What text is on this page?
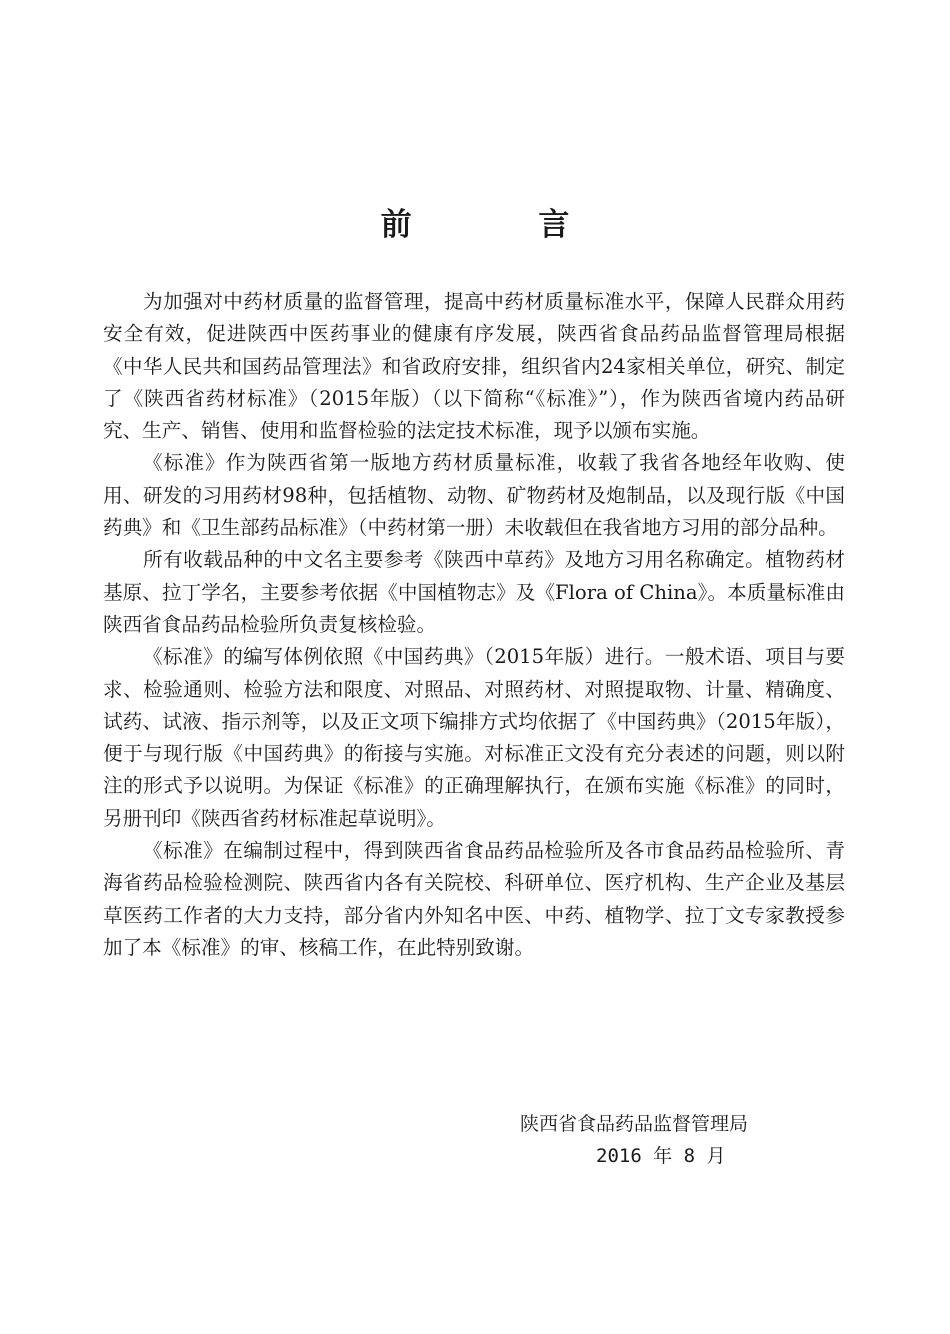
前 言

为加强对中药材质量的监督管理，提高中药材质量标准水平，保障人民群众用药安全有效，促进陕西中医药事业的健康有序发展，陕西省食品药品监督管理局根据《中华人民共和国药品管理法》和省政府安排，组织省内24家相关单位，研究、制定了《陕西省药材标准》（2015年版）（以下简称“《标准》”），作为陕西省境内药品研究、生产、销售、使用和监督检验的法定技术标准，现予以颁布实施。

《标准》作为陕西省第一版地方药材质量标准，收载了我省各地经年收购、使用、研发的习用药材98种，包括植物、动物、矿物药材及炮制品，以及现行版《中国药典》和《卫生部药品标准》（中药材第一册）未收载但在我省地方习用的部分品种。

所有收载品种的中文名主要参考《陕西中草药》及地方习用名称确定。植物药材基原、拉丁学名，主要参考依据《中国植物志》及《Flora of China》。本质量标准由陕西省食品药品检验所负责复核检验。

《标准》的编写体例依照《中国药典》（2015年版）进行。一般术语、项目与要求、检验通则、检验方法和限度、对照品、对照药材、对照提取物、计量、精确度、试药、试液、指示剂等，以及正文项下编排方式均依据了《中国药典》（2015年版），便于与现行版《中国药典》的衔接与实施。对标准正文没有充分表述的问题，则以附注的形式予以说明。为保证《标准》的正确理解执行，在颁布实施《标准》的同时，另册刊印《陕西省药材标准起草说明》。

《标准》在编制过程中，得到陕西省食品药品检验所及各市食品药品检验所、青海省药品检验检测院、陕西省内各有关院校、科研单位、医疗机构、生产企业及基层草医药工作者的大力支持，部分省内外知名中医、中药、植物学、拉丁文专家教授参加了本《标准》的审、核稿工作，在此特别致谢。

陕西省食品药品监督管理局
2016 年 8 月
